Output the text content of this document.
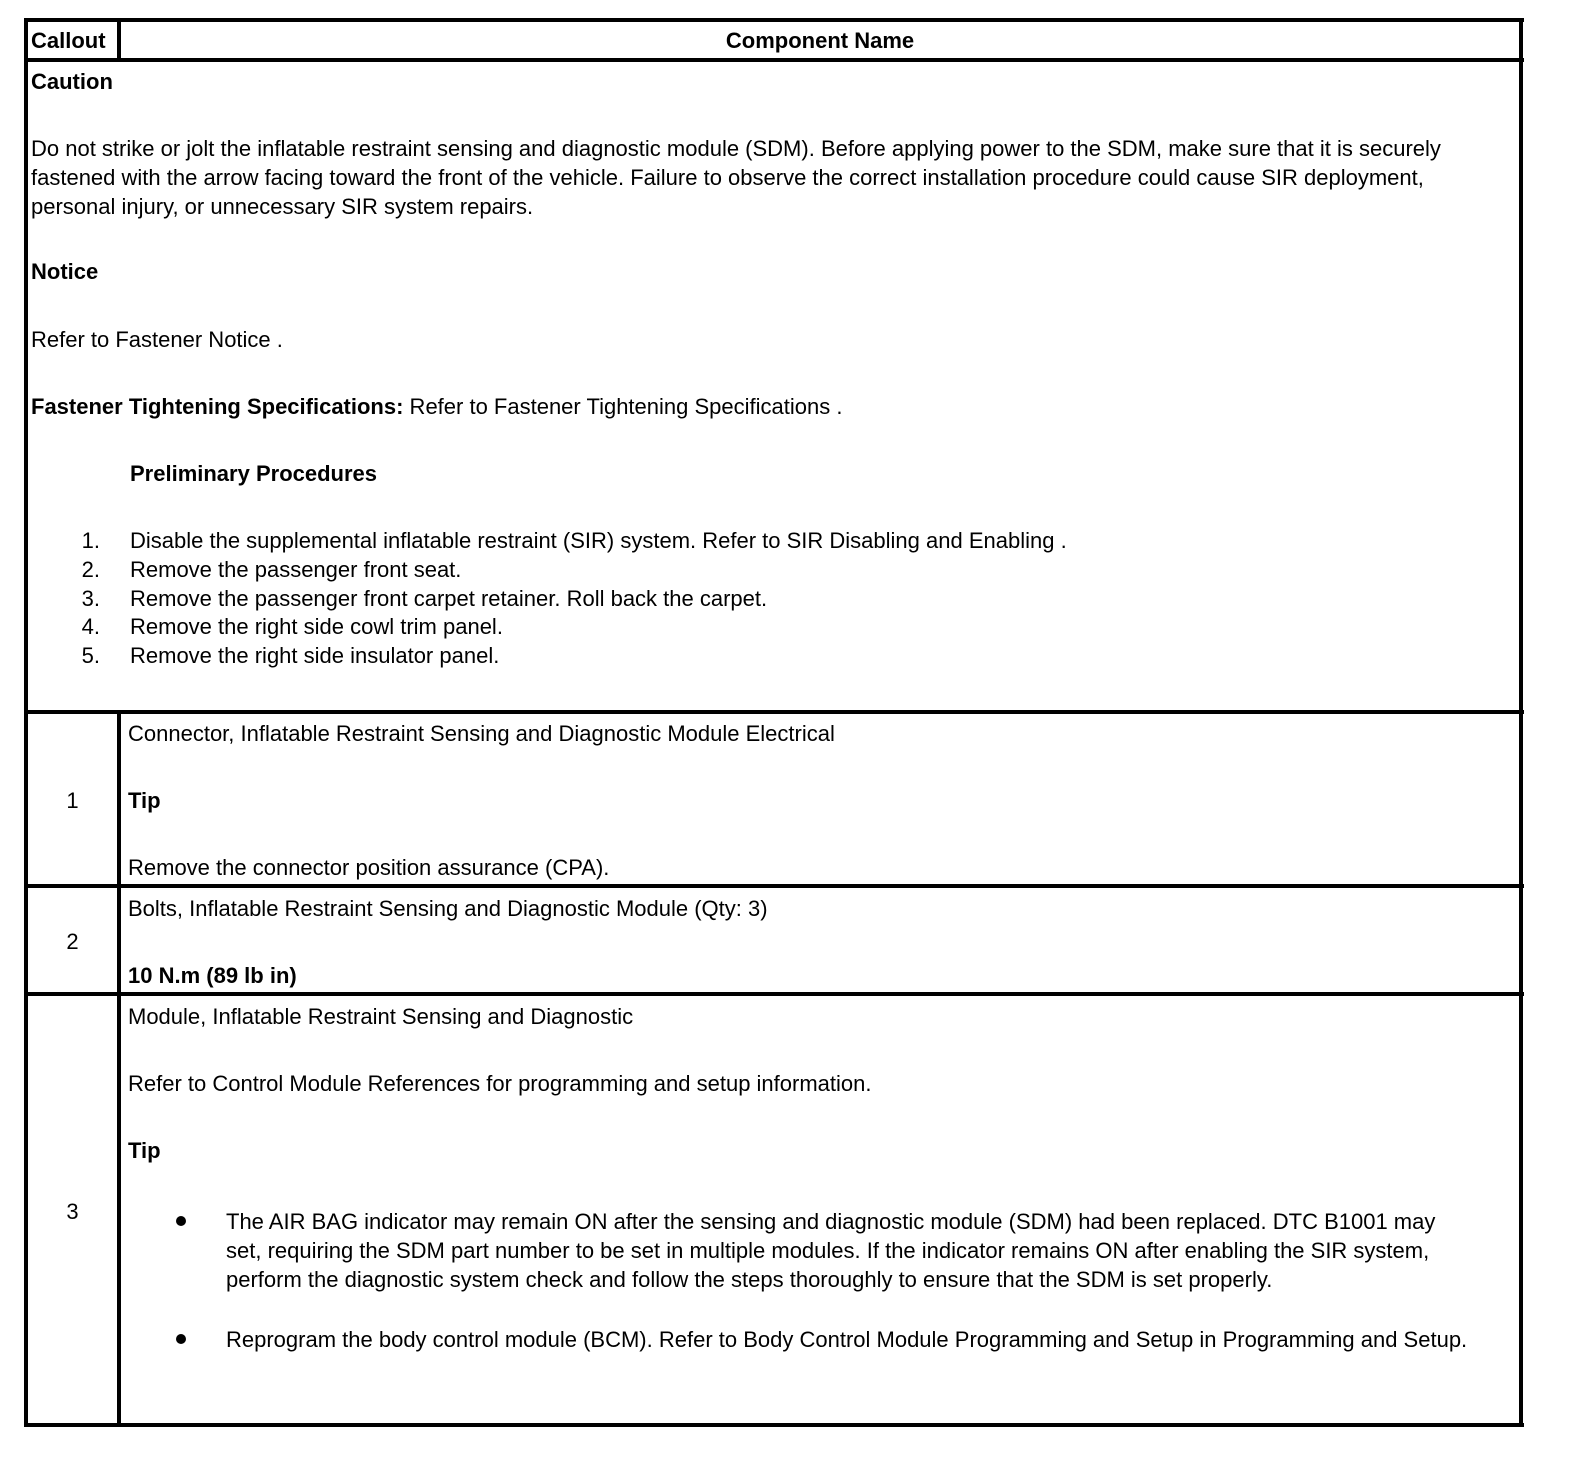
Callout	Component Name
Caution
Do not strike or jolt the inflatable restraint sensing and diagnostic module (SDM). Before applying power to the SDM, make sure that it is securely fastened with the arrow facing toward the front of the vehicle. Failure to observe the correct installation procedure could cause SIR deployment, personal injury, or unnecessary SIR system repairs.
Notice
Refer to Fastener Notice .
Fastener Tightening Specifications: Refer to Fastener Tightening Specifications .
Preliminary Procedures
1. Disable the supplemental inflatable restraint (SIR) system. Refer to SIR Disabling and Enabling .
2. Remove the passenger front seat.
3. Remove the passenger front carpet retainer. Roll back the carpet.
4. Remove the right side cowl trim panel.
5. Remove the right side insulator panel.
1
Connector, Inflatable Restraint Sensing and Diagnostic Module Electrical
Tip
Remove the connector position assurance (CPA).
2
Bolts, Inflatable Restraint Sensing and Diagnostic Module (Qty: 3)
10 N.m (89 lb in)
3
Module, Inflatable Restraint Sensing and Diagnostic
Refer to Control Module References for programming and setup information.
Tip
The AIR BAG indicator may remain ON after the sensing and diagnostic module (SDM) had been replaced. DTC B1001 may set, requiring the SDM part number to be set in multiple modules. If the indicator remains ON after enabling the SIR system, perform the diagnostic system check and follow the steps thoroughly to ensure that the SDM is set properly.
Reprogram the body control module (BCM). Refer to Body Control Module Programming and Setup in Programming and Setup.
